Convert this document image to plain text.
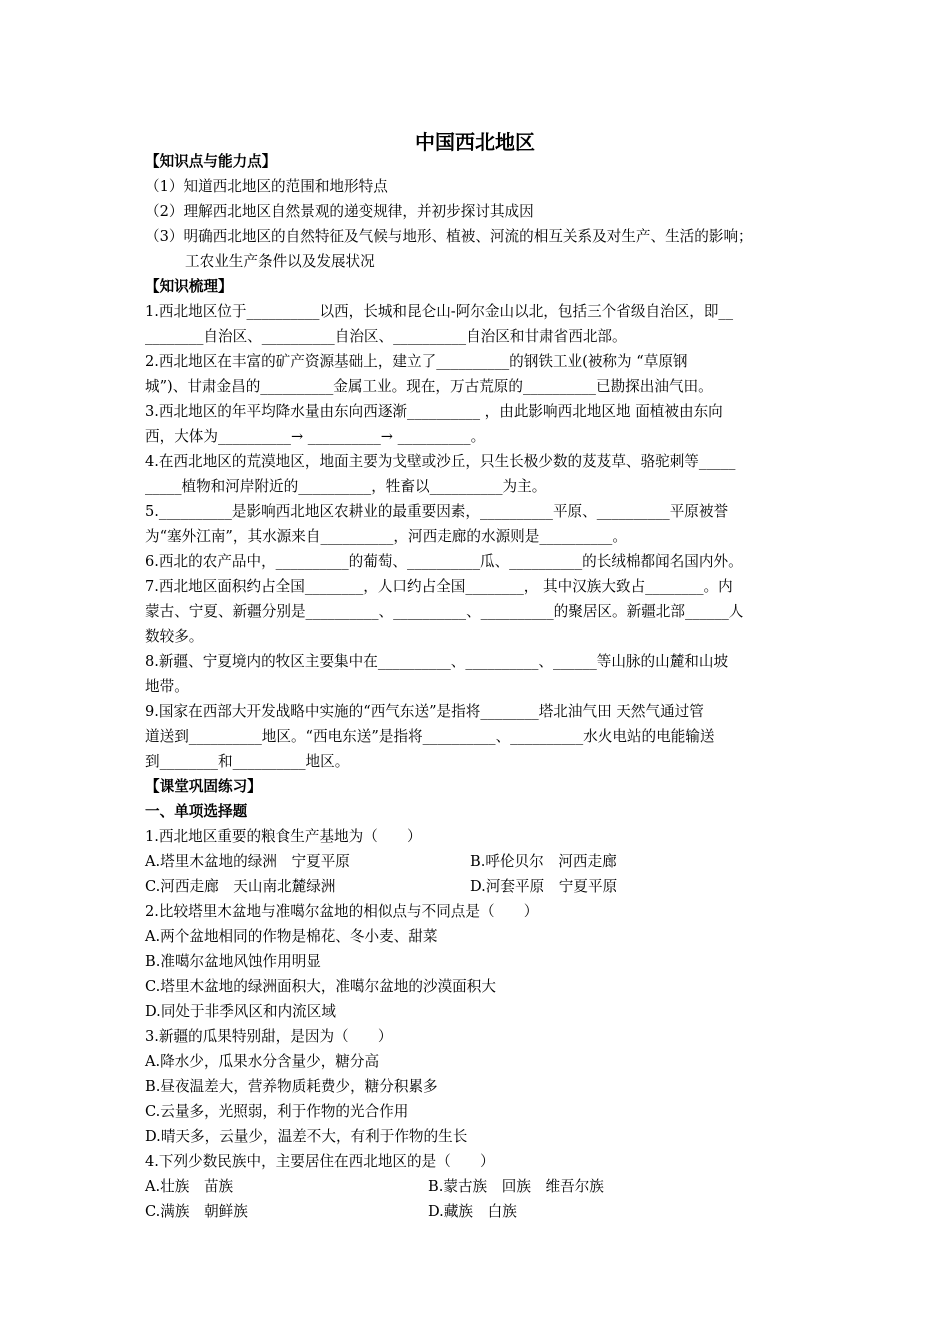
中国西北地区
【知识点与能力点】
（1）知道西北地区的范围和地形特点
（2）理解西北地区自然景观的递变规律，并初步探讨其成因
（3）明确西北地区的自然特征及气候与地形、植被、河流的相互关系及对生产、生活的影响；
工农业生产条件以及发展状况
【知识梳理】
1.西北地区位于__________以西，长城和昆仑山-阿尔金山以北，包括三个省级自治区，即__
________自治区、__________自治区、__________自治区和甘肃省西北部。
2.西北地区在丰富的矿产资源基础上，建立了__________的钢铁工业(被称为 “草原钢
城”)、甘肃金昌的__________金属工业。现在，万古荒原的__________已勘探出油气田。
3.西北地区的年平均降水量由东向西逐渐__________ ，由此影响西北地区地 面植被由东向
西，大体为__________→ __________→ __________。
4.在西北地区的荒漠地区，地面主要为戈壁或沙丘，只生长极少数的芨芨草、骆驼刺等_____
_____植物和河岸附近的__________，牲畜以__________为主。
5.__________是影响西北地区农耕业的最重要因素，__________平原、__________平原被誉
为“塞外江南”，其水源来自__________，河西走廊的水源则是__________。
6.西北的农产品中，__________的葡萄、__________瓜、__________的长绒棉都闻名国内外。
7.西北地区面积约占全国________，人口约占全国________， 其中汉族大致占________。内
蒙古、宁夏、新疆分别是__________、__________、__________的聚居区。新疆北部______人
数较多。
8.新疆、宁夏境内的牧区主要集中在__________、__________、______等山脉的山麓和山坡
地带。
9.国家在西部大开发战略中实施的“西气东送”是指将________塔北油气田 天然气通过管
道送到__________地区。“西电东送”是指将__________、__________水火电站的电能输送
到________和__________地区。
【课堂巩固练习】
一、单项选择题
1.西北地区重要的粮食生产基地为（　　）
A.塔里木盆地的绿洲　宁夏平原	B.呼伦贝尔　河西走廊
C.河西走廊　天山南北麓绿洲	D.河套平原　宁夏平原
2.比较塔里木盆地与准噶尔盆地的相似点与不同点是（　　）
A.两个盆地相同的作物是棉花、冬小麦、甜菜
B.准噶尔盆地风蚀作用明显
C.塔里木盆地的绿洲面积大，准噶尔盆地的沙漠面积大
D.同处于非季风区和内流区域
3.新疆的瓜果特别甜，是因为（　　）
A.降水少，瓜果水分含量少，糖分高
B.昼夜温差大，营养物质耗费少，糖分积累多
C.云量多，光照弱，利于作物的光合作用
D.晴天多，云量少，温差不大，有利于作物的生长
4.下列少数民族中，主要居住在西北地区的是（　　）
A.壮族　苗族	B.蒙古族　回族　维吾尔族
C.满族　朝鲜族	D.藏族　白族
